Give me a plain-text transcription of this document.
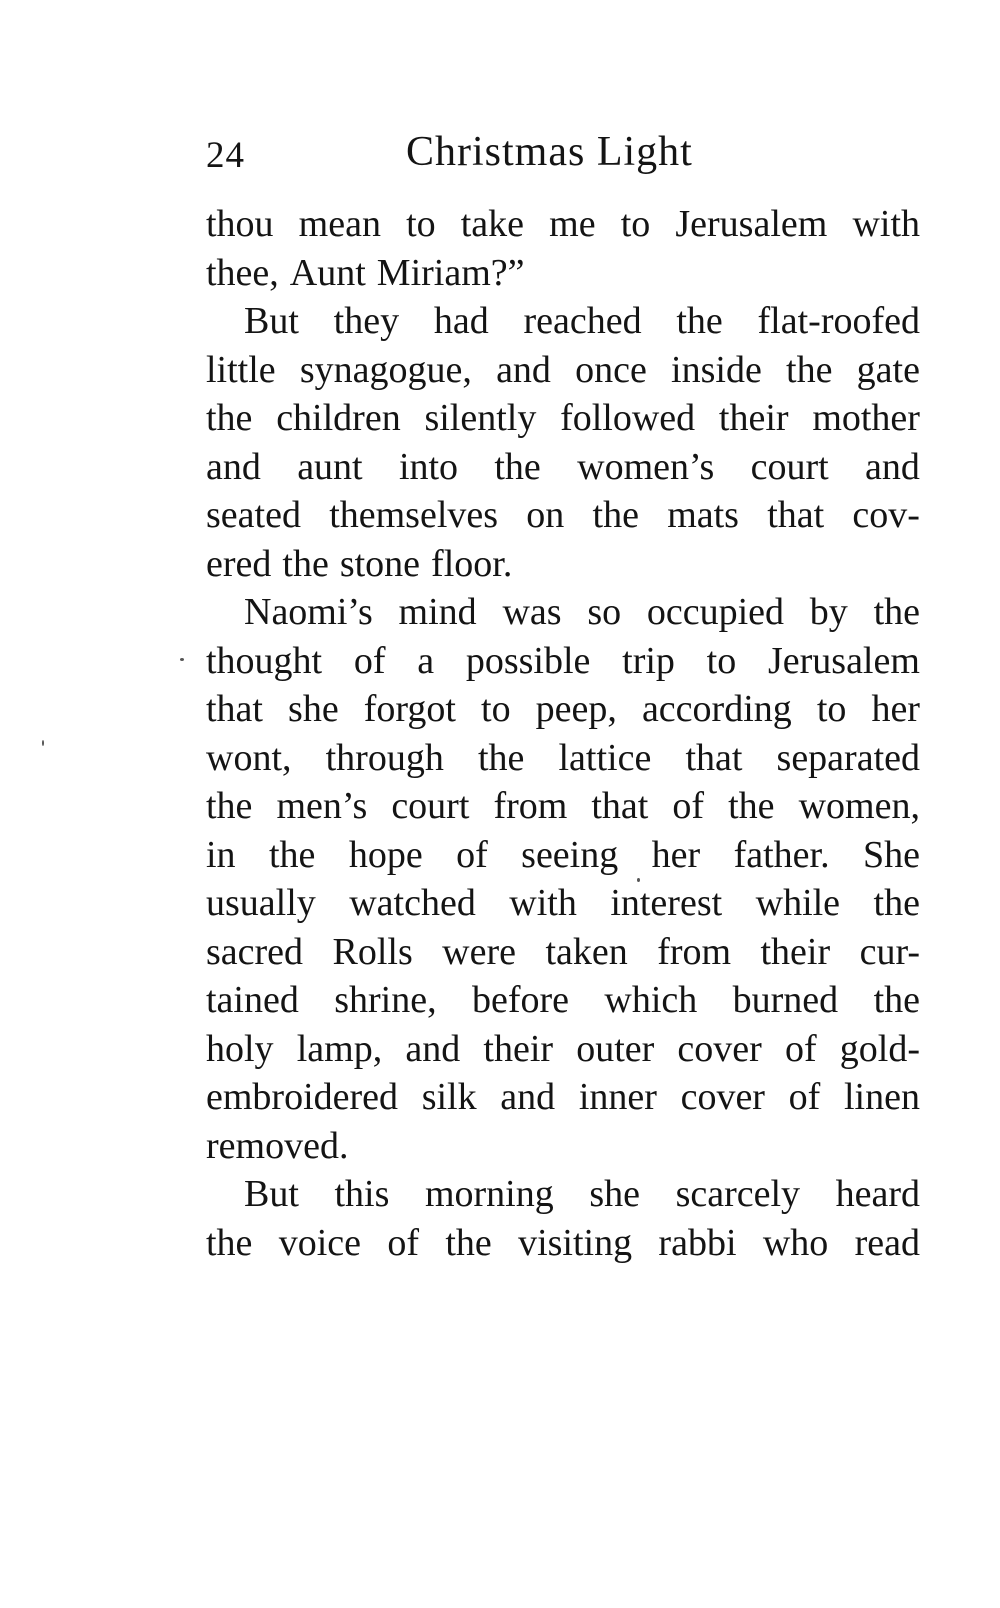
24	Christmas Light
thou mean to take me to Jerusalem with
thee, Aunt Miriam?”
But they had reached the flat-roofed
little synagogue, and once inside the gate
the children silently followed their mother
and aunt into the women’s court and
seated themselves on the mats that cov-
ered the stone floor.
Naomi’s mind was so occupied by the
thought of a possible trip to Jerusalem
that she forgot to peep, according to her
wont, through the lattice that separated
the men’s court from that of the women,
in the hope of seeing her father. She
usually watched with interest while the
sacred Rolls were taken from their cur-
tained shrine, before which burned the
holy lamp, and their outer cover of gold-
embroidered silk and inner cover of linen
removed.
But this morning she scarcely heard
the voice of the visiting rabbi who read
